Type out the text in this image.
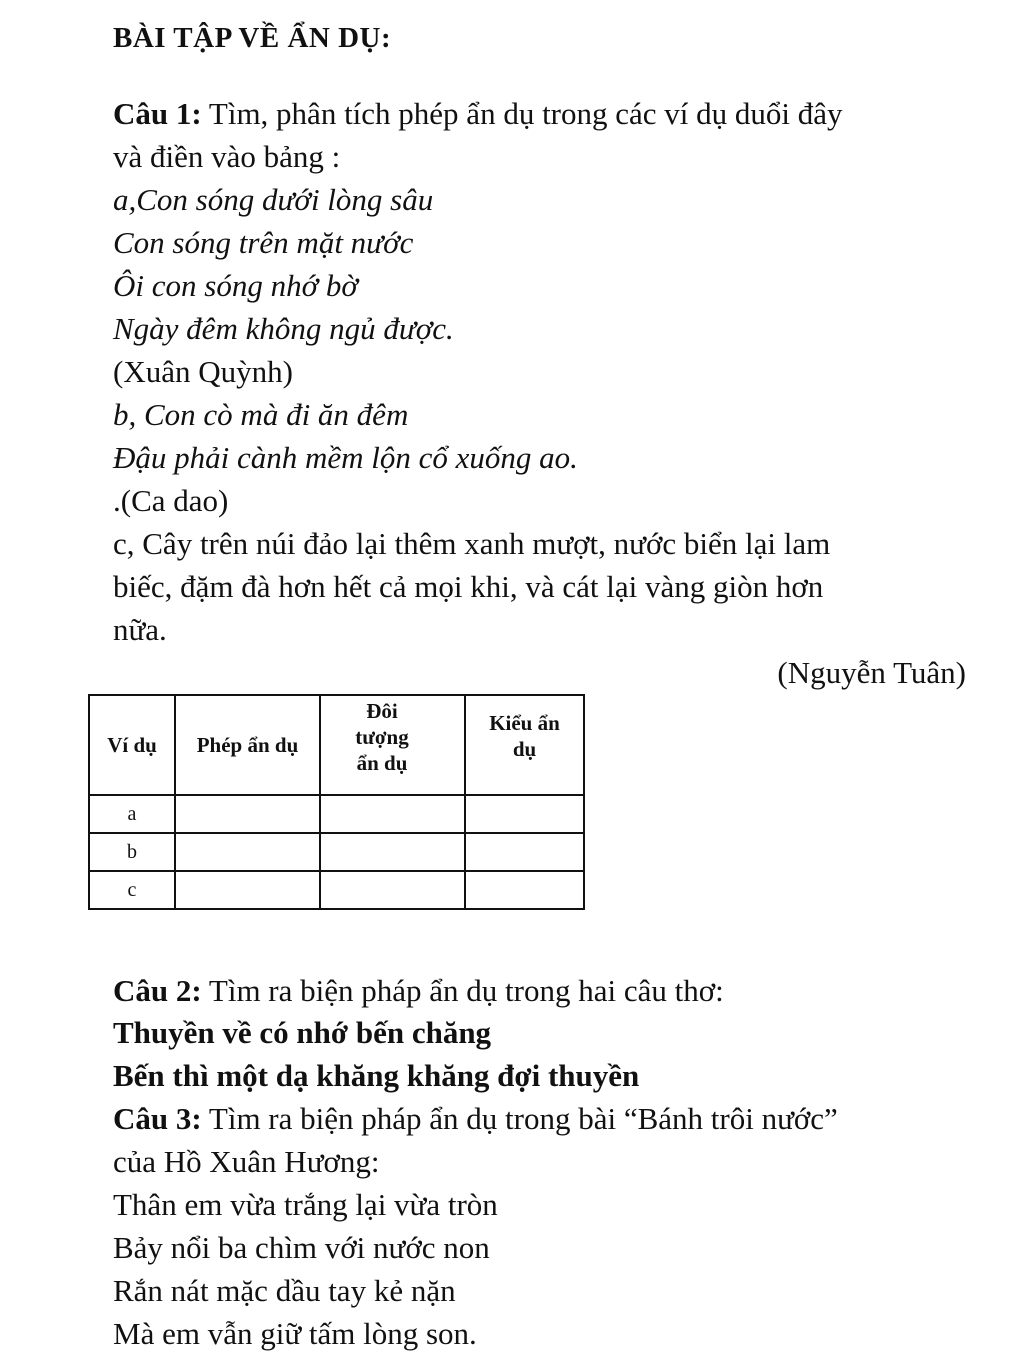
BÀI TẬP VỀ ẨN DỤ:
Câu 1: Tìm, phân tích phép ẩn dụ trong các ví dụ duổi đây
và điền vào bảng :
a,Con sóng dưới lòng sâu
Con sóng trên mặt nước
Ôi con sóng nhớ bờ
Ngày đêm không ngủ được.
(Xuân Quỳnh)
b, Con cò mà đi ăn đêm
Đậu phải cành mềm lộn cổ xuống ao.
.(Ca dao)
c, Cây trên núi đảo lại thêm xanh mượt, nước biển lại lam
biếc, đặm đà hơn hết cả mọi khi, và cát lại vàng giòn hơn
nữa.
(Nguyễn Tuân)
Ví dụ	Phép ẩn dụ	Đôi tượng ẩn dụ	Kiểu ẩn dụ
a			
b			
c			
Câu 2: Tìm ra biện pháp ẩn dụ trong hai câu thơ:
Thuyền về có nhớ bến chăng
Bến thì một dạ khăng khăng đợi thuyền
Câu 3: Tìm ra biện pháp ẩn dụ trong bài “Bánh trôi nước”
của Hồ Xuân Hương:
Thân em vừa trắng lại vừa tròn
Bảy nổi ba chìm với nước non
Rắn nát mặc dầu tay kẻ nặn
Mà em vẫn giữ tấm lòng son.
